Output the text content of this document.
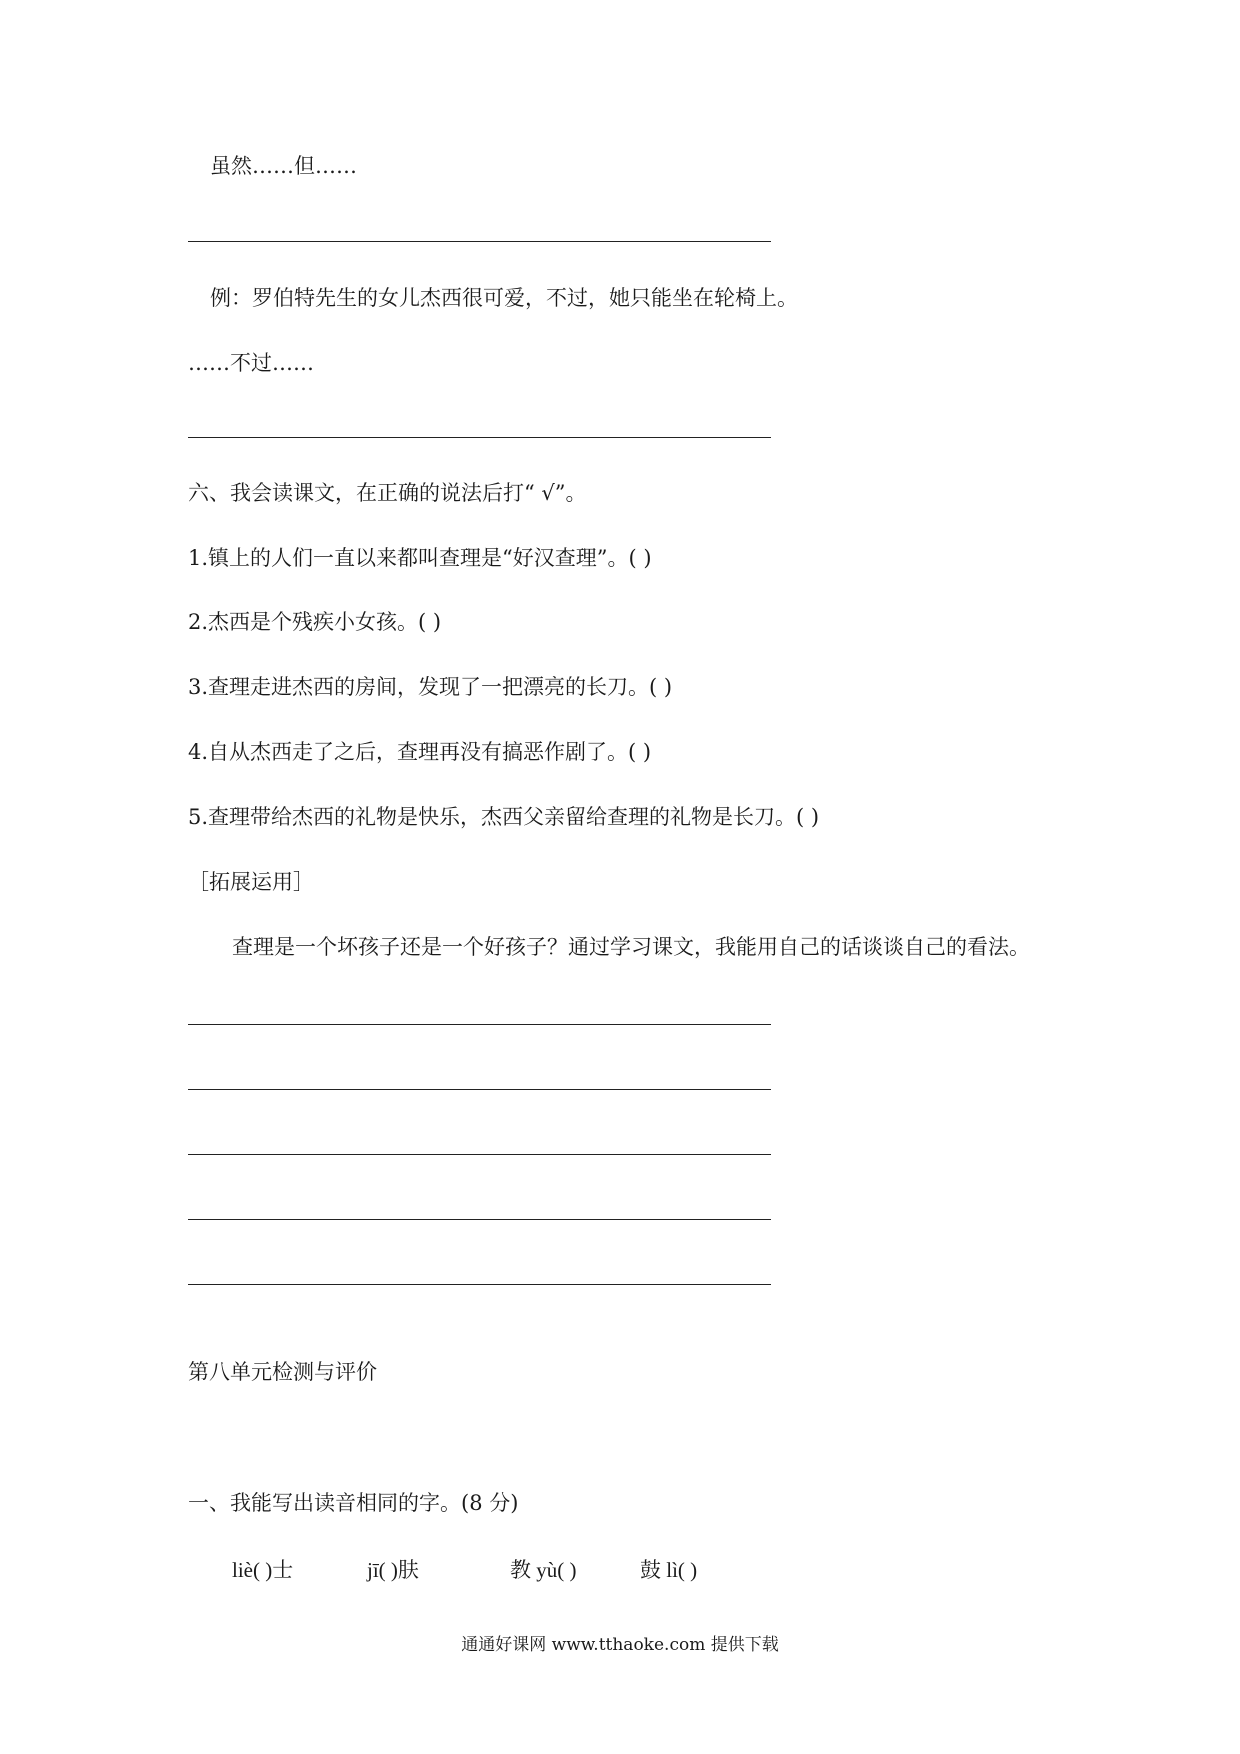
虽然……但……
例：罗伯特先生的女儿杰西很可爱，不过，她只能坐在轮椅上。
……不过……
六、我会读课文，在正确的说法后打“ √”。
1.镇上的人们一直以来都叫查理是“好汉查理”。( )
2.杰西是个残疾小女孩。( )
3.查理走进杰西的房间，发现了一把漂亮的长刀。( )
4.自从杰西走了之后，查理再没有搞恶作剧了。( )
5.查理带给杰西的礼物是快乐，杰西父亲留给查理的礼物是长刀。( )
［拓展运用］
查理是一个坏孩子还是一个好孩子？通过学习课文，我能用自己的话谈谈自己的看法。
第八单元检测与评价
一、我能写出读音相同的字。(8 分)
liè( )士	jī( )肤	教 yù( )	鼓 lì( )
通通好课网 www.tthaoke.com 提供下载
